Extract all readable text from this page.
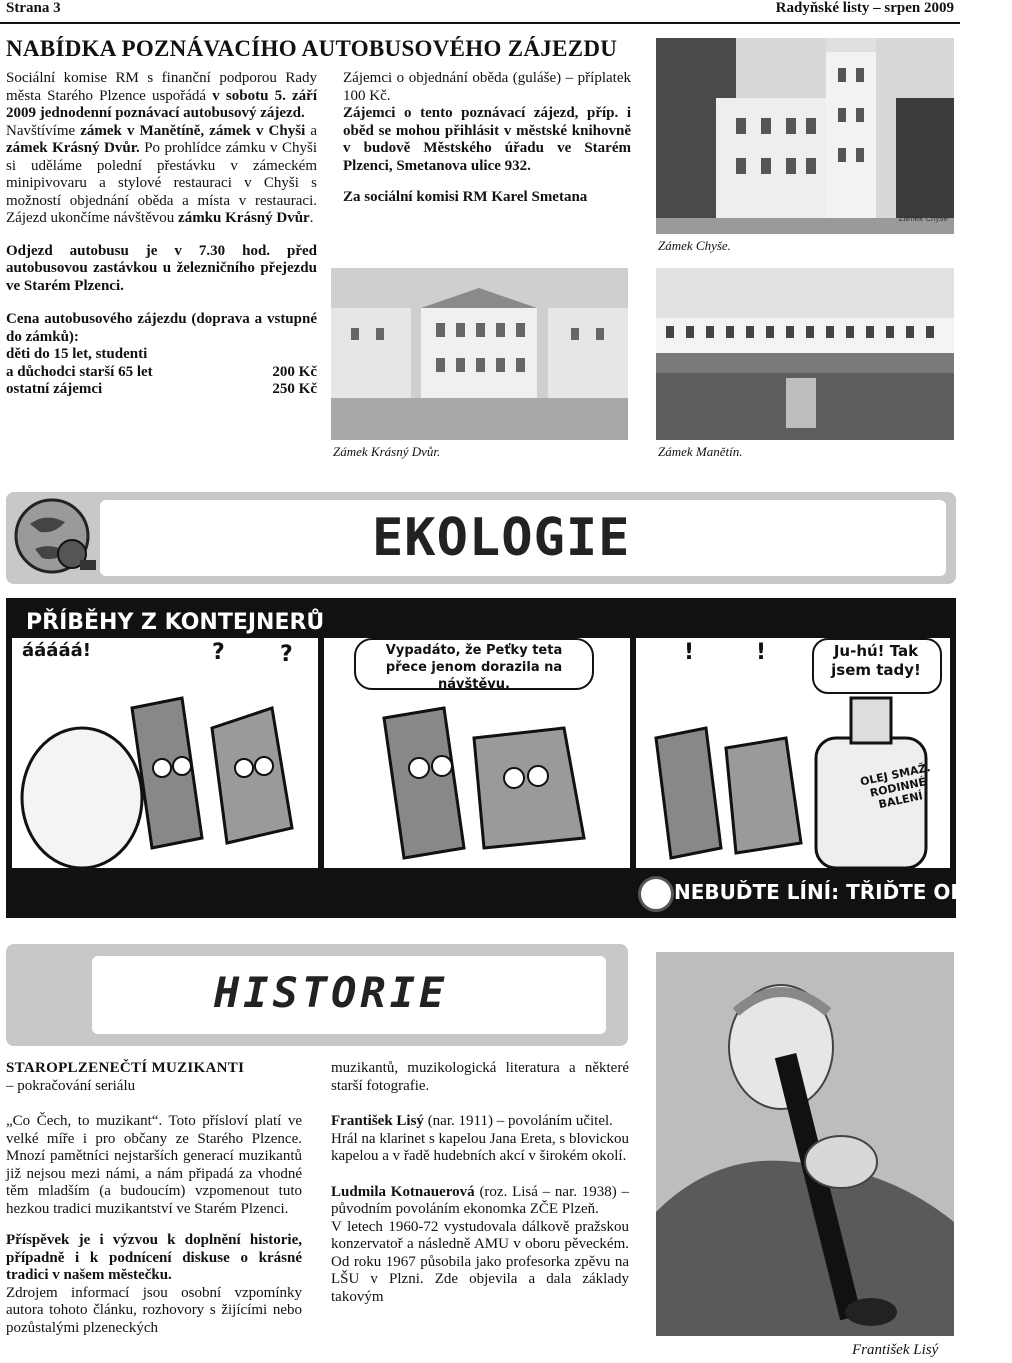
Strana 3	Radyňské listy – srpen 2009
NABÍDKA POZNÁVACÍHO AUTOBUSOVÉHO ZÁJEZDU

Sociální komise RM s finanční podporou Rady města Starého Plzence uspořádá v sobotu 5. září 2009 jednodenní poznávací autobusový zájezd.

Navštívíme zámek v Manětíně, zámek v Chyši a zámek Krásný Dvůr. Po prohlídce zámku v Chyši si uděláme polední přestávku v zámeckém minipivovaru a stylové restauraci v Chyši s možností objednání oběda a místa v restauraci. Zájezd ukončíme návštěvou zámku Krásný Dvůr.

Odjezd autobusu je v 7.30 hod. před autobusovou zastávkou u železničního přejezdu ve Starém Plzenci.

Cena autobusového zájezdu (doprava a vstupné do zámků):

děti do 15 let, studenti

a důchodci starší 65 let	200 Kč
ostatní zájemci	250 Kč

Zájemci o objednání oběda (guláše) – příplatek 100 Kč.

Zájemci o tento poznávací zájezd, příp. i oběd se mohou přihlásit v městské knihovně v budově Městského úřadu ve Starém Plzenci, Smetanova ulice 932.

Za sociální komisi RM Karel Smetana

Zámek Chyše
Zámek Chyše.
Zámek Krásný Dvůr.	Zámek Manětín.
EKOLOGIE
PŘÍBĚHY Z KONTEJNERŮ
ááááá!	?	?	Vypadáto, že Peťky teta přece jenom dorazila na návštěvu.
!	!	Ju-hú! Tak jsem tady!
OLEJ SMAŽ. RODINNÉ BALENÍ
NEBUĎTE LÍNÍ: TŘIĎTE ODPAD
HISTORIE
František Lisý

STAROPLZENEČTÍ MUZIKANTI

– pokračování seriálu

„Co Čech, to muzikant“. Toto přísloví platí ve velké míře i pro občany ze Starého Plzence. Mnozí pamětníci nejstarších generací muzikantů již nejsou mezi námi, a nám připadá za vhodné těm mladším (a budoucím) vzpomenout tuto hezkou tradici muzikantství ve Starém Plzenci.

Příspěvek je i výzvou k doplnění historie, případně i k podnícení diskuse o krásné tradici v našem městečku.

Zdrojem informací jsou osobní vzpomínky autora tohoto článku, rozhovory s žijícími nebo pozůstalými plzeneckých

muzikantů, muzikologická literatura a některé starší fotografie.

František Lisý (nar. 1911) – povoláním učitel.

Hrál na klarinet s kapelou Jana Ereta, s blovickou kapelou a v řadě hudebních akcí v širokém okolí.

Ludmila Kotnauerová (roz. Lisá – nar. 1938) – původním povoláním ekonomka ZČE Plzeň.

V letech 1960-72 vystudovala dálkově pražskou konzervatoř a následně AMU v oboru pěveckém. Od roku 1967 působila jako profesorka zpěvu na LŠU v Plzni. Zde objevila a dala základy takovým
